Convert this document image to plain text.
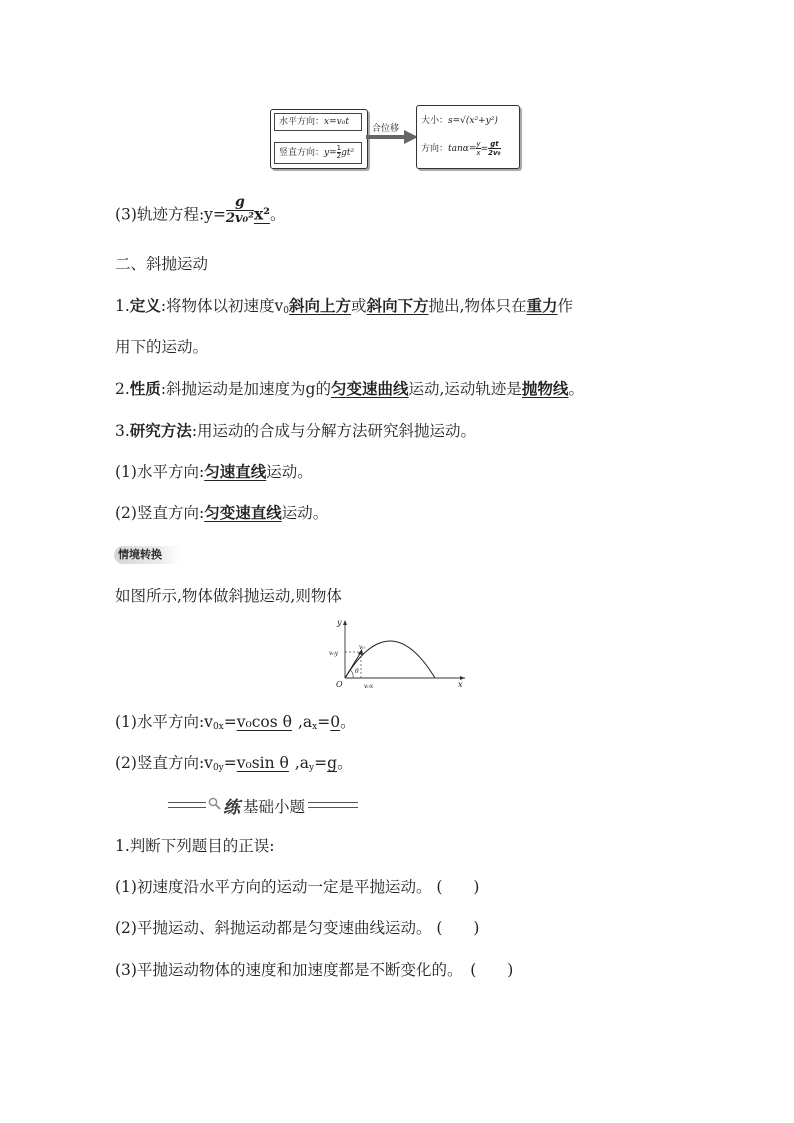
水平方向：x=v₀t
竖直方向：$y= \frac{1}{2} gt^2$
合位移
大小：s=√(x²+y²)
方向：$\tan\alpha= \frac{y}{x} = \frac{gt}{\text{2v₀}}$
(3)轨迹方程:y= $\frac{g}{\text{2v₀²}} x^2$。
二、斜抛运动
1.定义:将物体以初速度$v_0$斜向上方或斜向下方抛出,物体只在重力作
用下的运动。
2.性质:斜抛运动是加速度为g的匀变速曲线运动,运动轨迹是抛物线。
3.研究方法:用运动的合成与分解方法研究斜抛运动。
(1)水平方向:匀速直线运动。
(2)竖直方向:匀变速直线运动。
情境转换
如图所示,物体做斜抛运动,则物体
y
x
O
v₀y
v₀
v₀x
θ
(1)水平方向$:v_{0x}=v_0\cos$ θ $,a_x=0$。
(2)竖直方向$:v_{0y}=v_0\sin$ θ $,a_y=g$。
练 基础小题
1.判断下列题目的正误:
(1)初速度沿水平方向的运动一定是平抛运动。 (　　)
(2)平抛运动、斜抛运动都是匀变速曲线运动。 (　　)
(3)平抛运动物体的速度和加速度都是不断变化的。　(　　)
